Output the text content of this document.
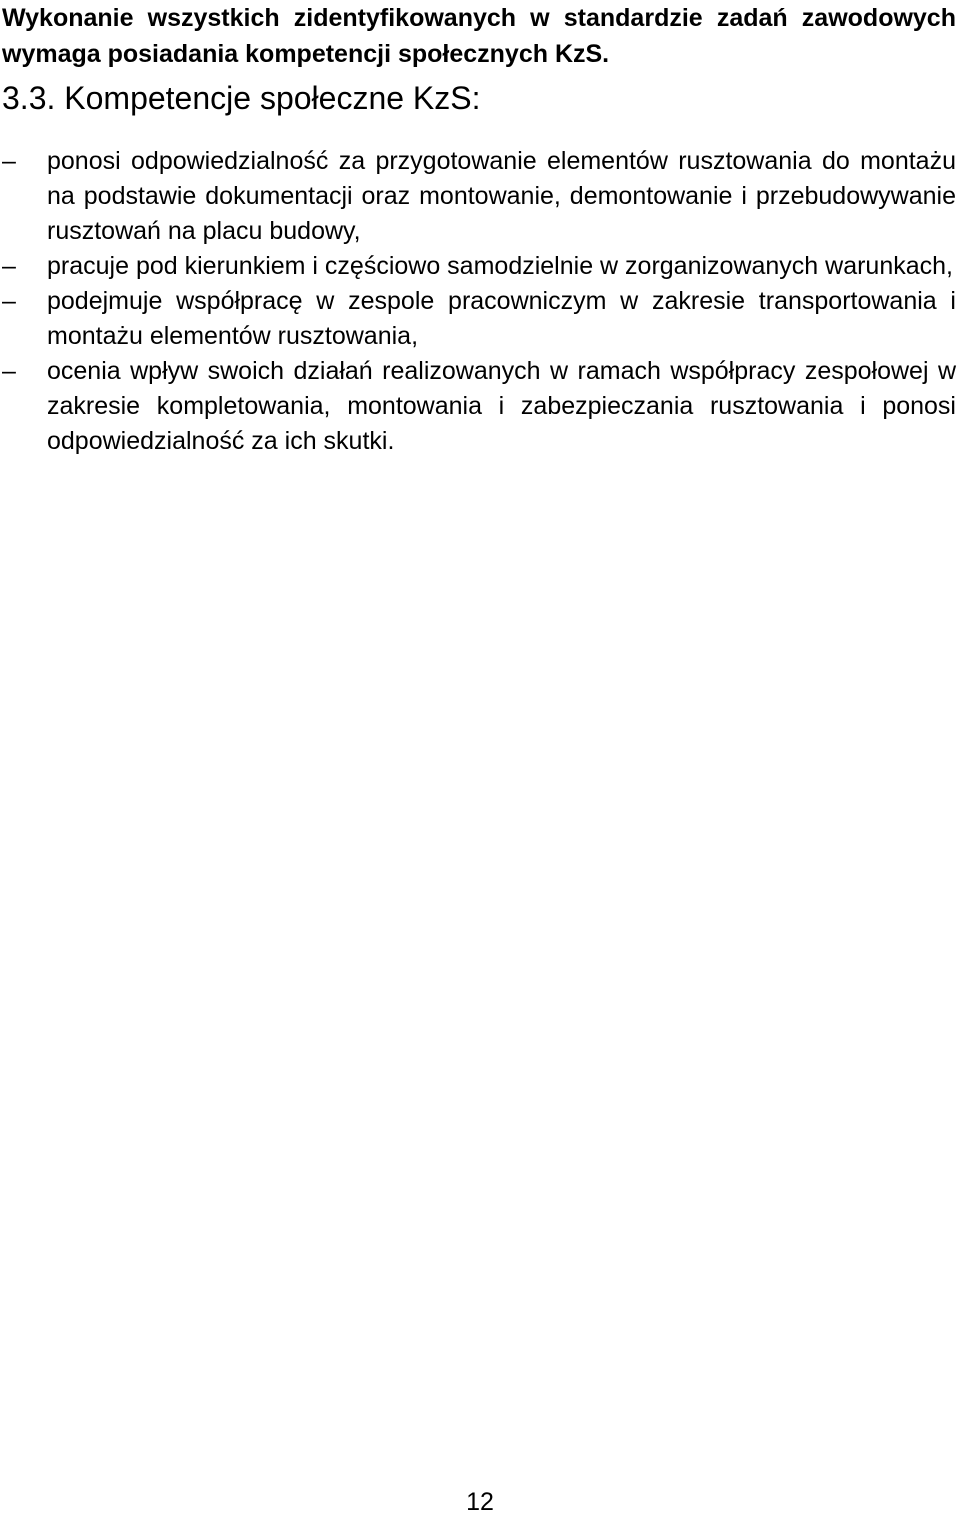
Wykonanie wszystkich zidentyfikowanych w standardzie zadań zawodowych wymaga posiadania kompetencji społecznych KzS.

3.3. Kompetencje społeczne KzS:
–	ponosi odpowiedzialność za przygotowanie elementów rusztowania do montażu na podstawie dokumentacji oraz montowanie, demontowanie i przebudowywanie rusztowań na placu budowy,
–	pracuje pod kierunkiem i częściowo samodzielnie w zorganizowanych warunkach,
–	podejmuje współpracę w zespole pracowniczym w zakresie transportowania i montażu elementów rusztowania,
–	ocenia wpływ swoich działań realizowanych w ramach współpracy zespołowej w zakresie kompletowania, montowania i zabezpieczania rusztowania i ponosi odpowiedzialność za ich skutki.

12
